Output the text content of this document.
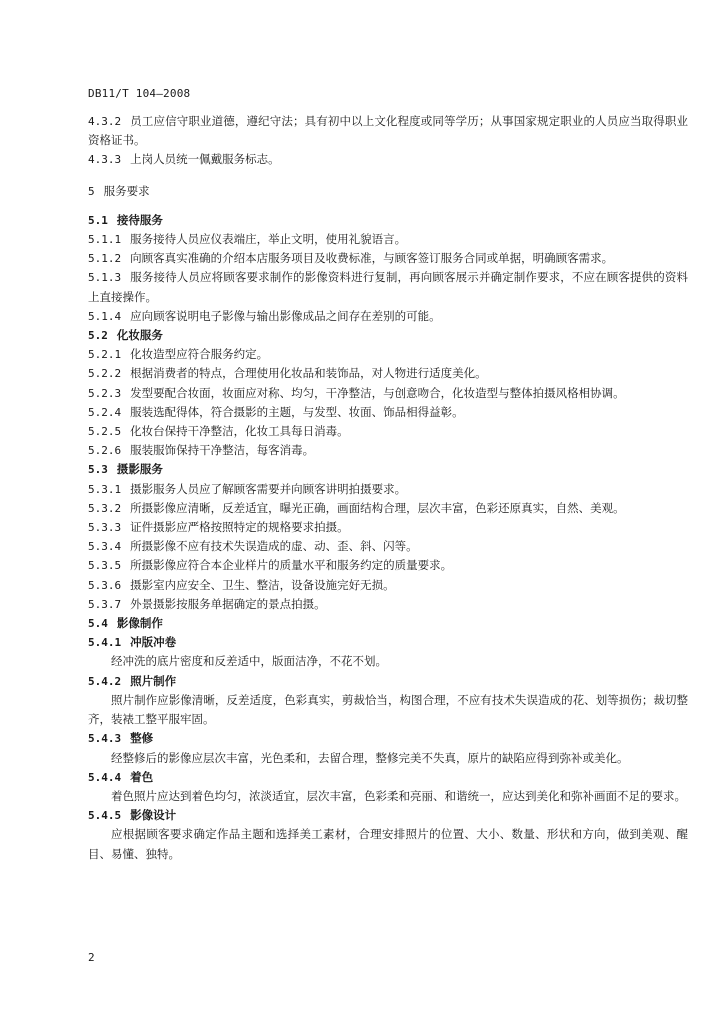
DB11/T 104—2008
4.3.2 员工应信守职业道德，遵纪守法；具有初中以上文化程度或同等学历；从事国家规定职业的人员应当取得职业资格证书。
4.3.3 上岗人员统一佩戴服务标志。
5 服务要求
5.1 接待服务
5.1.1 服务接待人员应仪表端庄，举止文明，使用礼貌语言。
5.1.2 向顾客真实准确的介绍本店服务项目及收费标准，与顾客签订服务合同或单据，明确顾客需求。
5.1.3 服务接待人员应将顾客要求制作的影像资料进行复制，再向顾客展示并确定制作要求，不应在顾客提供的资料上直接操作。
5.1.4 应向顾客说明电子影像与输出影像成品之间存在差别的可能。
5.2 化妆服务
5.2.1 化妆造型应符合服务约定。
5.2.2 根据消费者的特点，合理使用化妆品和装饰品，对人物进行适度美化。
5.2.3 发型要配合妆面，妆面应对称、均匀，干净整洁，与创意吻合，化妆造型与整体拍摄风格相协调。
5.2.4 服装选配得体，符合摄影的主题，与发型、妆面、饰品相得益彰。
5.2.5 化妆台保持干净整洁，化妆工具每日消毒。
5.2.6 服装服饰保持干净整洁，每客消毒。
5.3 摄影服务
5.3.1 摄影服务人员应了解顾客需要并向顾客讲明拍摄要求。
5.3.2 所摄影像应清晰，反差适宜，曝光正确，画面结构合理，层次丰富，色彩还原真实，自然、美观。
5.3.3 证件摄影应严格按照特定的规格要求拍摄。
5.3.4 所摄影像不应有技术失误造成的虚、动、歪、斜、闪等。
5.3.5 所摄影像应符合本企业样片的质量水平和服务约定的质量要求。
5.3.6 摄影室内应安全、卫生、整洁，设备设施完好无损。
5.3.7 外景摄影按服务单据确定的景点拍摄。
5.4 影像制作
5.4.1 冲版冲卷
经冲洗的底片密度和反差适中，版面洁净，不花不划。
5.4.2 照片制作
照片制作应影像清晰，反差适度，色彩真实，剪裁恰当，构图合理，不应有技术失误造成的花、划等损伤；裁切整齐，装裱工整平服牢固。
5.4.3 整修
经整修后的影像应层次丰富，光色柔和，去留合理，整修完美不失真，原片的缺陷应得到弥补或美化。
5.4.4 着色
着色照片应达到着色均匀，浓淡适宜，层次丰富，色彩柔和亮丽、和谐统一，应达到美化和弥补画面不足的要求。
5.4.5 影像设计
应根据顾客要求确定作品主题和选择美工素材，合理安排照片的位置、大小、数量、形状和方向，做到美观、醒目、易懂、独特。
2
